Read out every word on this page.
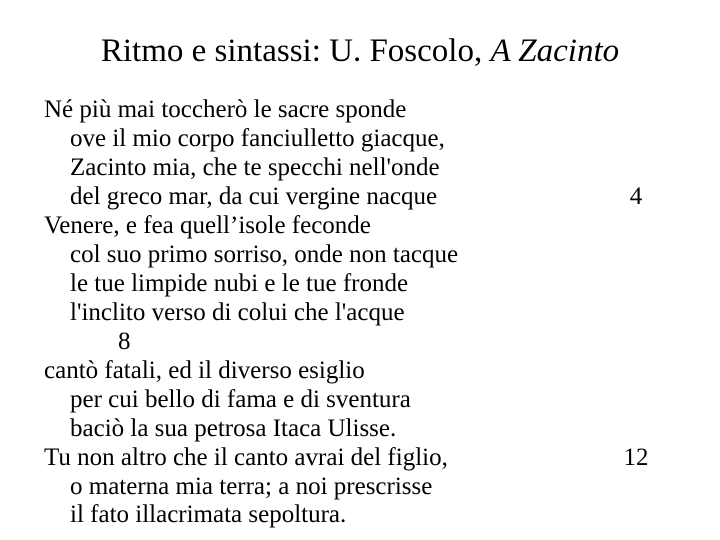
Ritmo e sintassi: U. Foscolo, A Zacinto
Né più mai toccherò le sacre sponde
ove il mio corpo fanciulletto giacque,
Zacinto mia, che te specchi nell'onde
del greco mar, da cui vergine nacque	4
Venere, e fea quell’isole feconde
col suo primo sorriso, onde non tacque
le tue limpide nubi e le tue fronde
l'inclito verso di colui che l'acque
8
cantò fatali, ed il diverso esiglio
per cui bello di fama e di sventura
baciò la sua petrosa Itaca Ulisse.
Tu non altro che il canto avrai del figlio,	12
o materna mia terra; a noi prescrisse
il fato illacrimata sepoltura.
